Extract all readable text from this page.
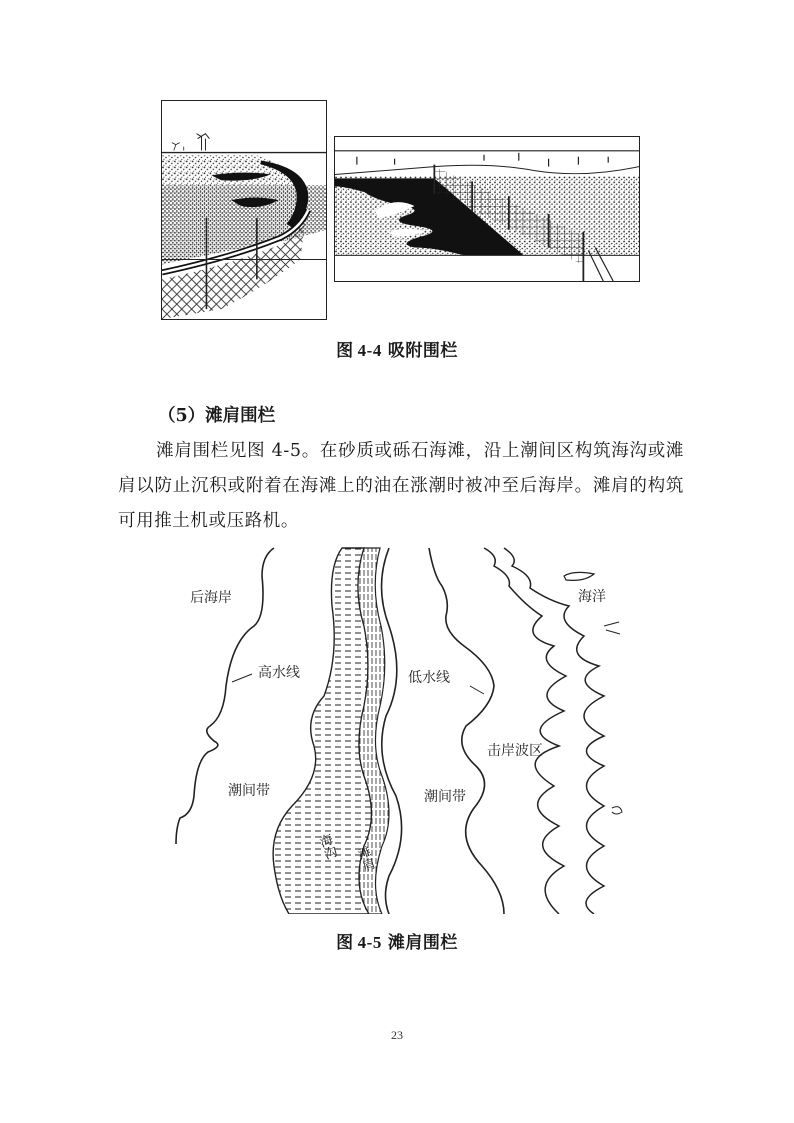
图 4-4 吸附围栏
（5）滩肩围栏
滩肩围栏见图 4-5。在砂质或砾石海滩，沿上潮间区构筑海沟或滩肩以防止沉积或附着在海滩上的油在涨潮时被冲至后海岸。滩肩的构筑可用推土机或压路机。
后海岸
高水线
潮间带
海沟 滩肩
低水线
潮间带
击岸波区
海洋
图 4-5 滩肩围栏
23
